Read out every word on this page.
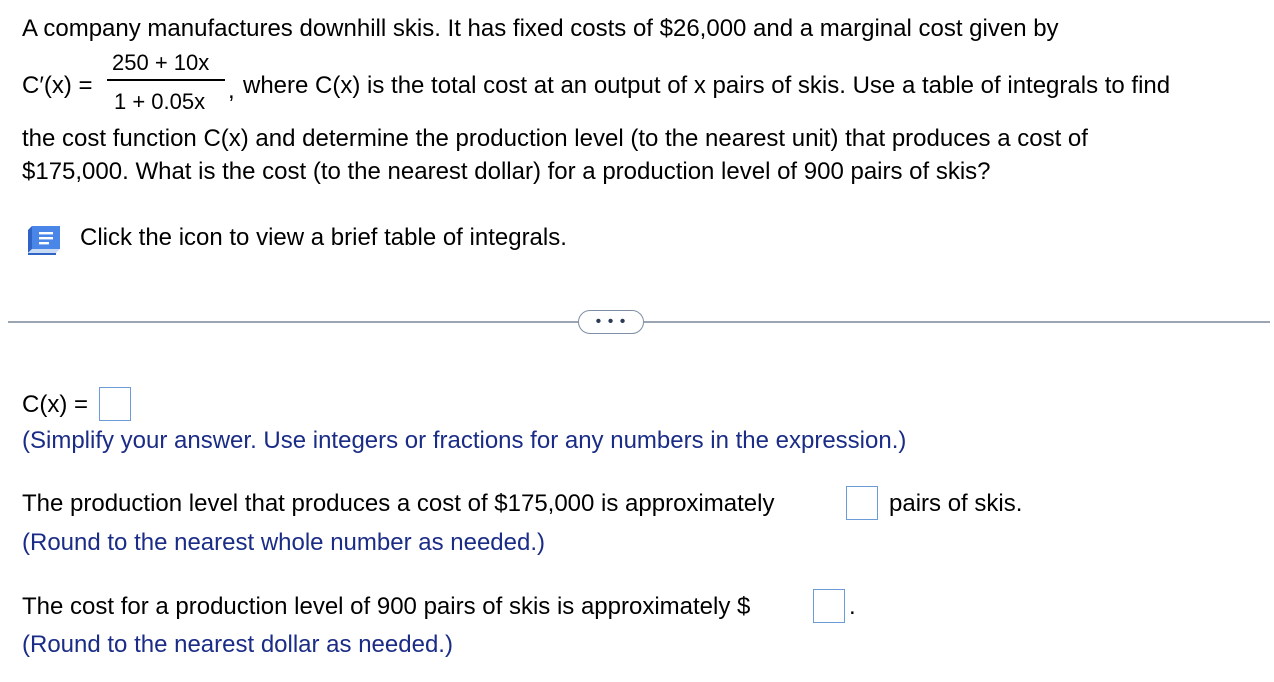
A company manufactures downhill skis. It has fixed costs of $26,000 and a marginal cost given by
C′(x) =
250 + 10x
1 + 0.05x , where C(x) is the total cost at an output of x pairs of skis. Use a table of integrals to find
the cost function C(x) and determine the production level (to the nearest unit) that produces a cost of
$175,000. What is the cost (to the nearest dollar) for a production level of 900 pairs of skis?
Click the icon to view a brief table of integrals.
• • •
C(x) =
(Simplify your answer. Use integers or fractions for any numbers in the expression.)
The production level that produces a cost of $175,000 is approximately	pairs of skis.
(Round to the nearest whole number as needed.)
The cost for a production level of 900 pairs of skis is approximately $	.
(Round to the nearest dollar as needed.)
